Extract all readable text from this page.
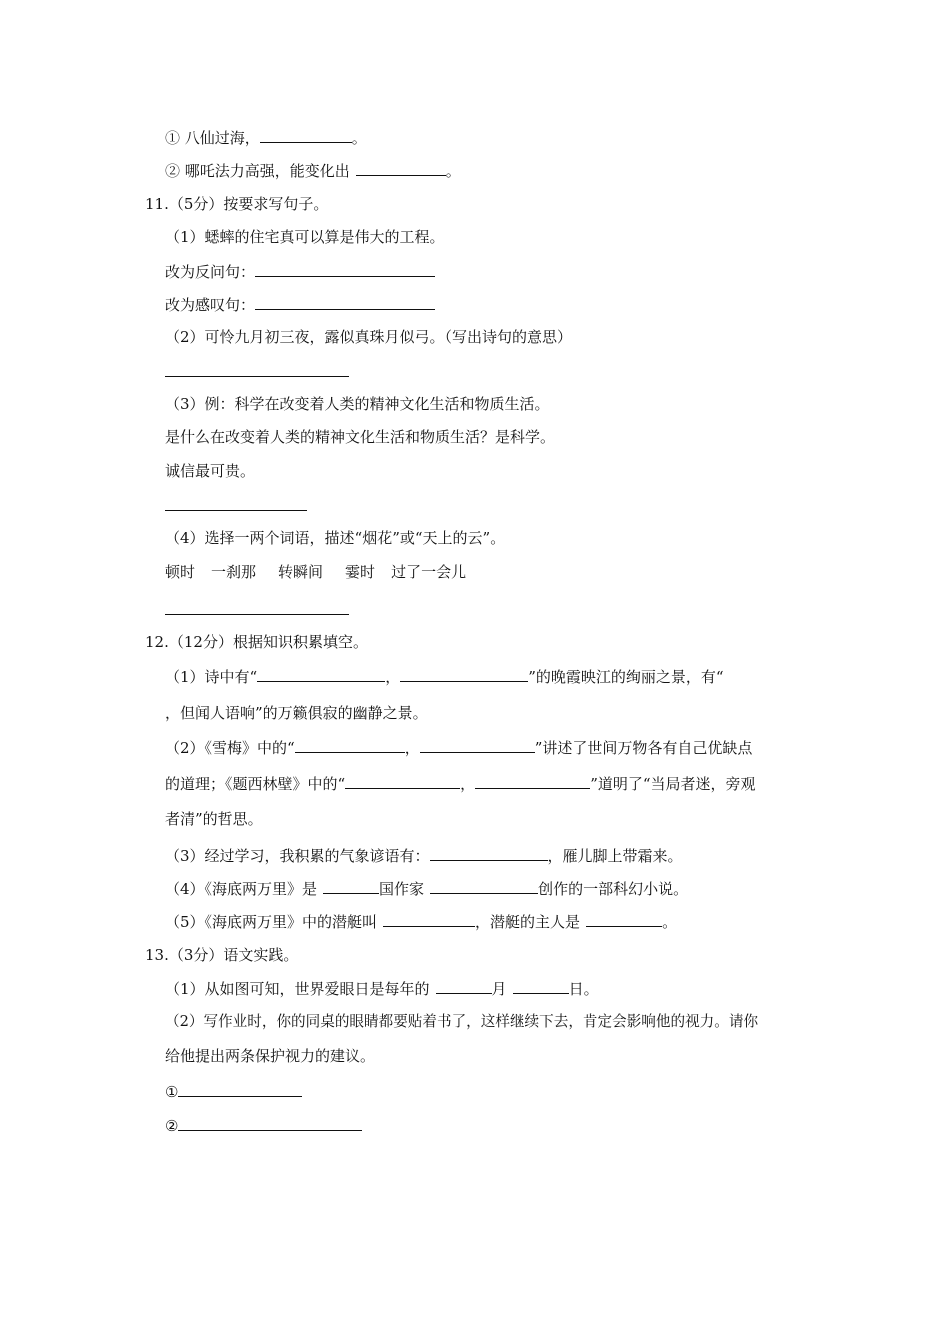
① 八仙过海，	。
② 哪吒法力高强，能变化出	。
11.（5分）按要求写句子。
（1）蟋蟀的住宅真可以算是伟大的工程。
改为反问句：
改为感叹句：
（2）可怜九月初三夜，露似真珠月似弓。（写出诗句的意思）
（3）例：科学在改变着人类的精神文化生活和物质生活。
是什么在改变着人类的精神文化生活和物质生活？是科学。
诚信最可贵。
（4）选择一两个词语，描述“烟花”或“天上的云”。
顿时 一刹那 转瞬间 霎时 过了一会儿
12.（12分）根据知识积累填空。
（1）诗中有“	，	”的晚霞映江的绚丽之景，有“
，但闻人语响”的万籁俱寂的幽静之景。
（2）《雪梅》中的“	，	”讲述了世间万物各有自己优缺点
的道理；《题西林壁》中的“	，	”道明了“当局者迷，旁观
者清”的哲思。
（3）经过学习，我积累的气象谚语有：	，雁儿脚上带霜来。
（4）《海底两万里》是	国作家	创作的一部科幻小说。
（5）《海底两万里》中的潜艇叫	，潜艇的主人是	。
13.（3分）语文实践。
（1）从如图可知，世界爱眼日是每年的	月	日。
（2）写作业时，你的同桌的眼睛都要贴着书了，这样继续下去，肯定会影响他的视力。请你
给他提出两条保护视力的建议。
①
②
